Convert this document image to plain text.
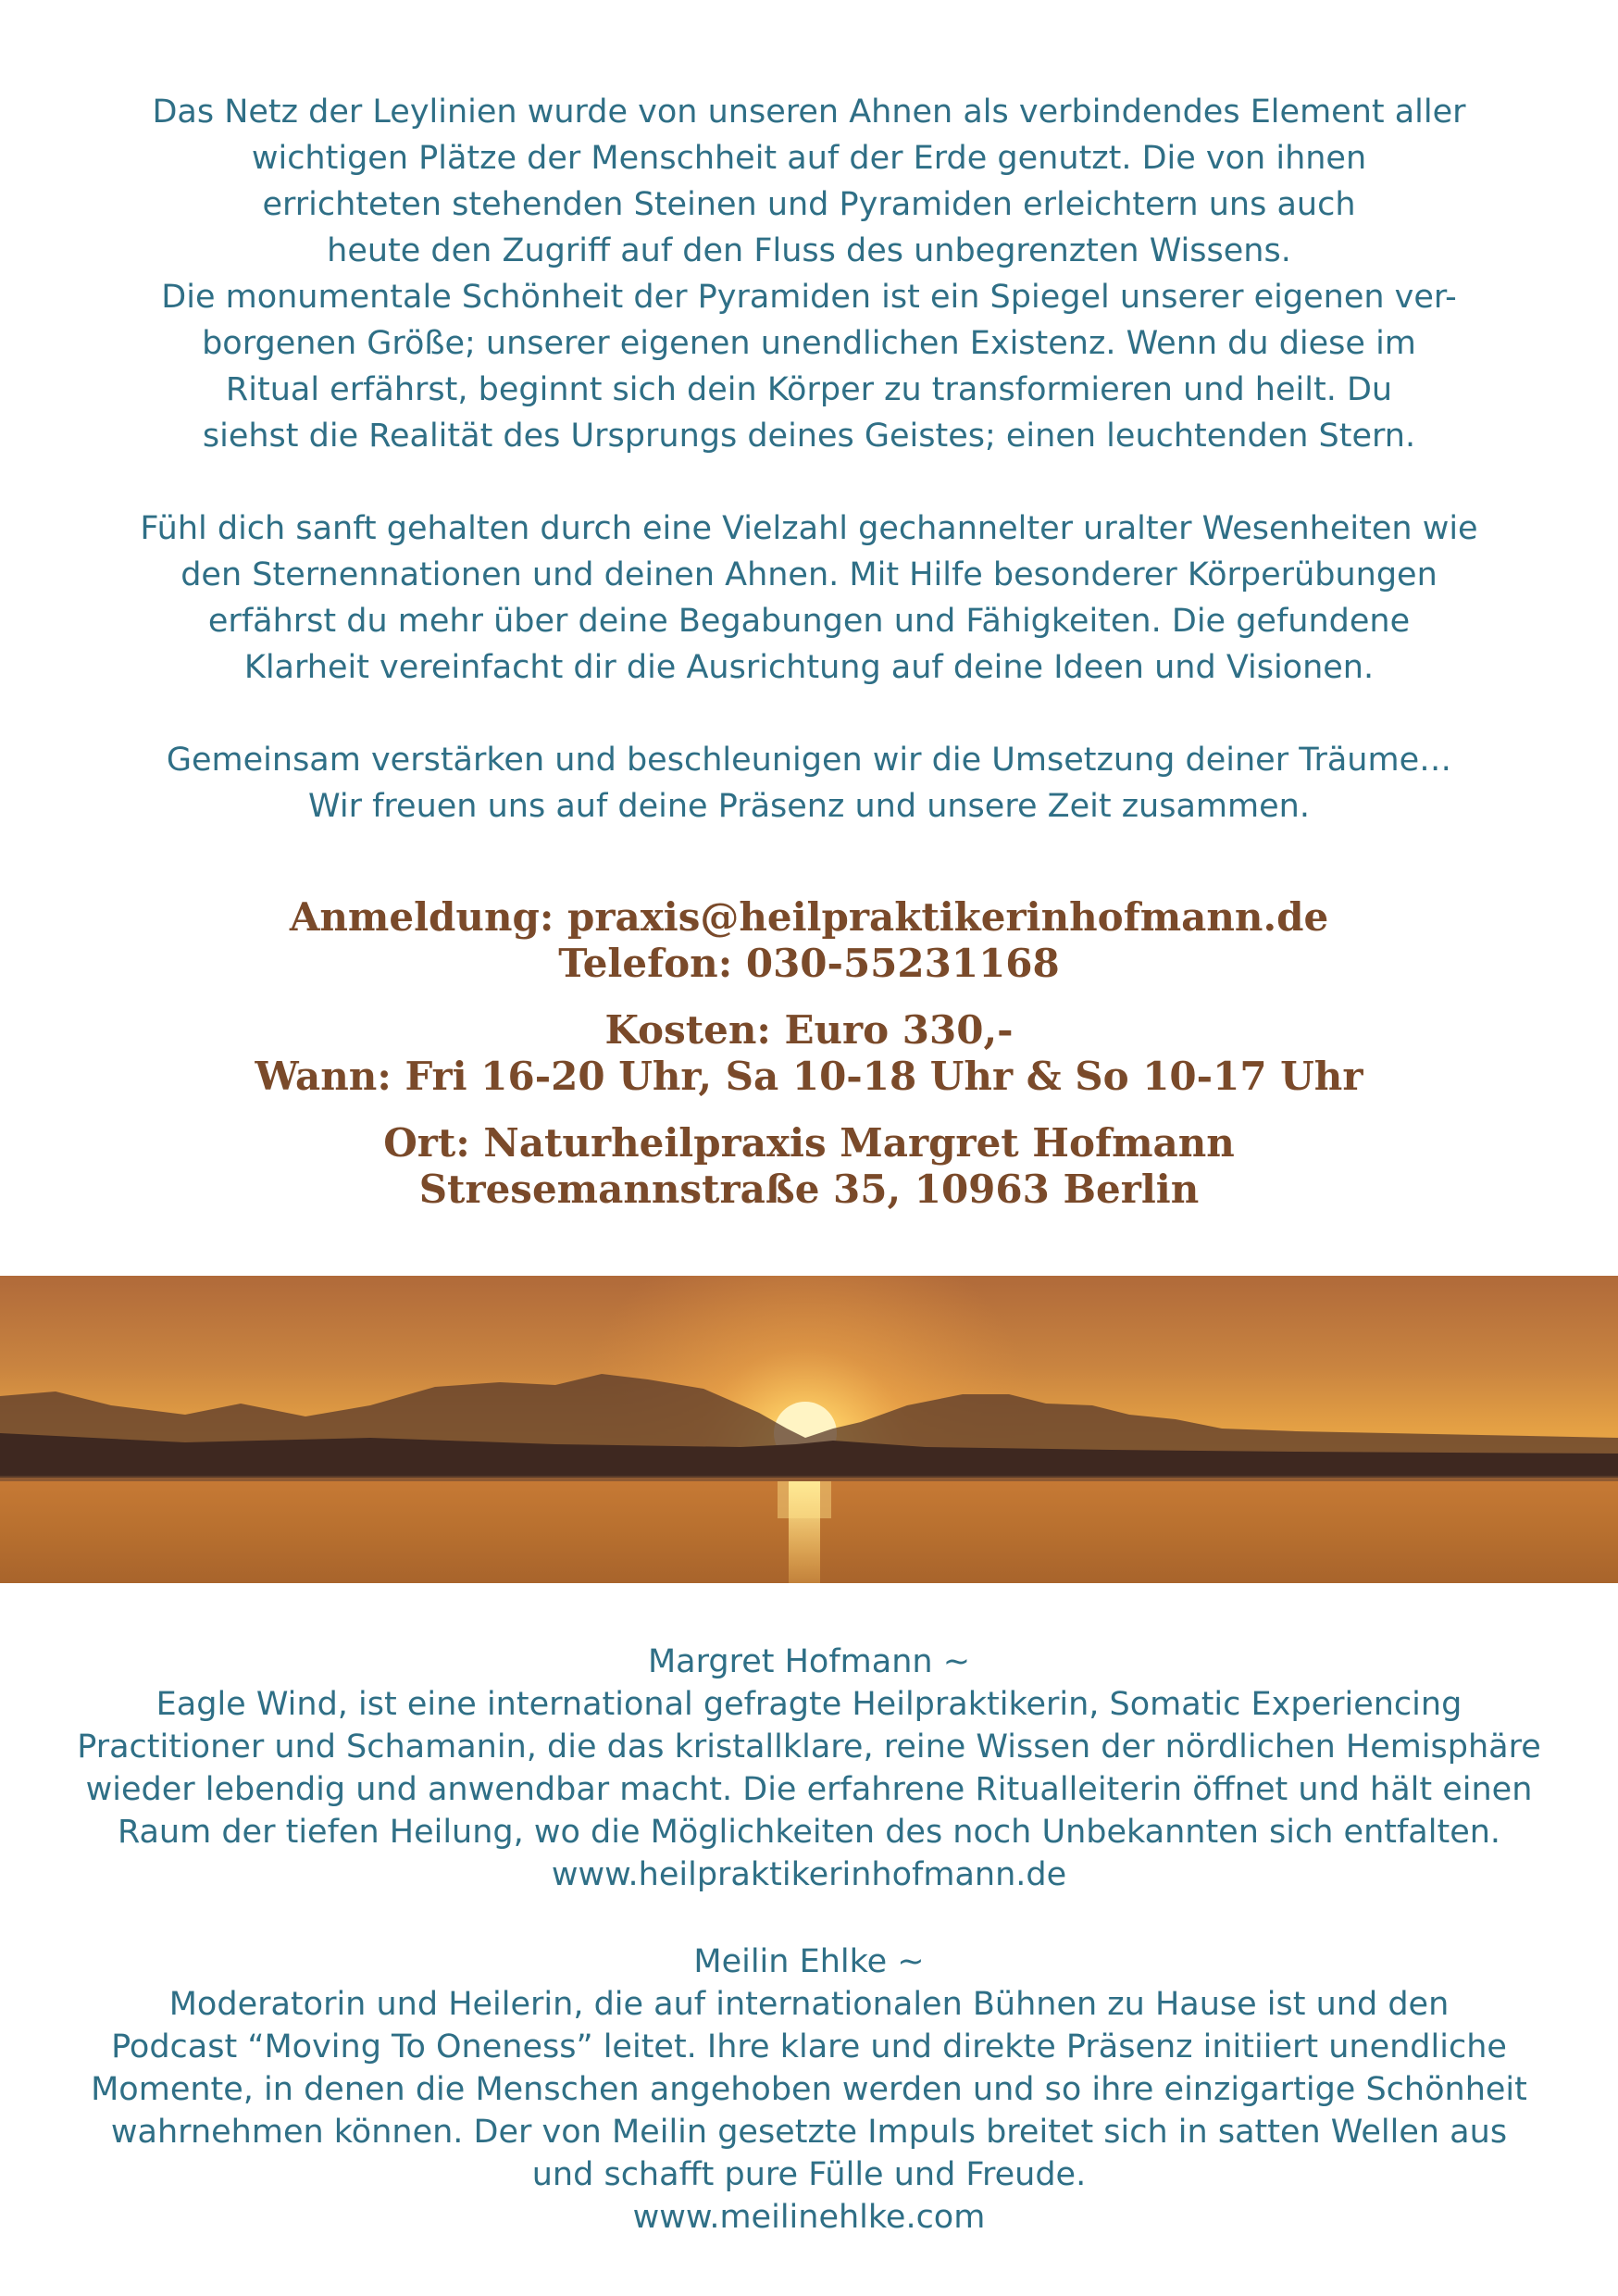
Das Netz der Leylinien wurde von unseren Ahnen als verbindendes Element aller
wichtigen Plätze der Menschheit auf der Erde genutzt. Die von ihnen
errichteten stehenden Steinen und Pyramiden erleichtern uns auch
heute den Zugriff auf den Fluss des unbegrenzten Wissens.
Die monumentale Schönheit der Pyramiden ist ein Spiegel unserer eigenen ver-
borgenen Größe; unserer eigenen unendlichen Existenz. Wenn du diese im
Ritual erfährst, beginnt sich dein Körper zu transformieren und heilt. Du
siehst die Realität des Ursprungs deines Geistes; einen leuchtenden Stern.
Fühl dich sanft gehalten durch eine Vielzahl gechannelter uralter Wesenheiten wie
den Sternennationen und deinen Ahnen. Mit Hilfe besonderer Körperübungen
erfährst du mehr über deine Begabungen und Fähigkeiten. Die gefundene
Klarheit vereinfacht dir die Ausrichtung auf deine Ideen und Visionen.
Gemeinsam verstärken und beschleunigen wir die Umsetzung deiner Träume…
Wir freuen uns auf deine Präsenz und unsere Zeit zusammen.
Anmeldung: praxis@heilpraktikerinhofmann.de
Telefon: 030-55231168
Kosten: Euro 330,-
Wann: Fri 16-20 Uhr, Sa 10-18 Uhr & So 10-17 Uhr
Ort: Naturheilpraxis Margret Hofmann
Stresemannstraße 35, 10963 Berlin
Margret Hofmann ~
Eagle Wind, ist eine international gefragte Heilpraktikerin, Somatic Experiencing
Practitioner und Schamanin, die das kristallklare, reine Wissen der nördlichen Hemisphäre
wieder lebendig und anwendbar macht. Die erfahrene Ritualleiterin öffnet und hält einen
Raum der tiefen Heilung, wo die Möglichkeiten des noch Unbekannten sich entfalten.
www.heilpraktikerinhofmann.de
Meilin Ehlke ~
Moderatorin und Heilerin, die auf internationalen Bühnen zu Hause ist und den
Podcast “Moving To Oneness” leitet. Ihre klare und direkte Präsenz initiiert unendliche
Momente, in denen die Menschen angehoben werden und so ihre einzigartige Schönheit
wahrnehmen können. Der von Meilin gesetzte Impuls breitet sich in satten Wellen aus
und schafft pure Fülle und Freude.
www.meilinehlke.com
